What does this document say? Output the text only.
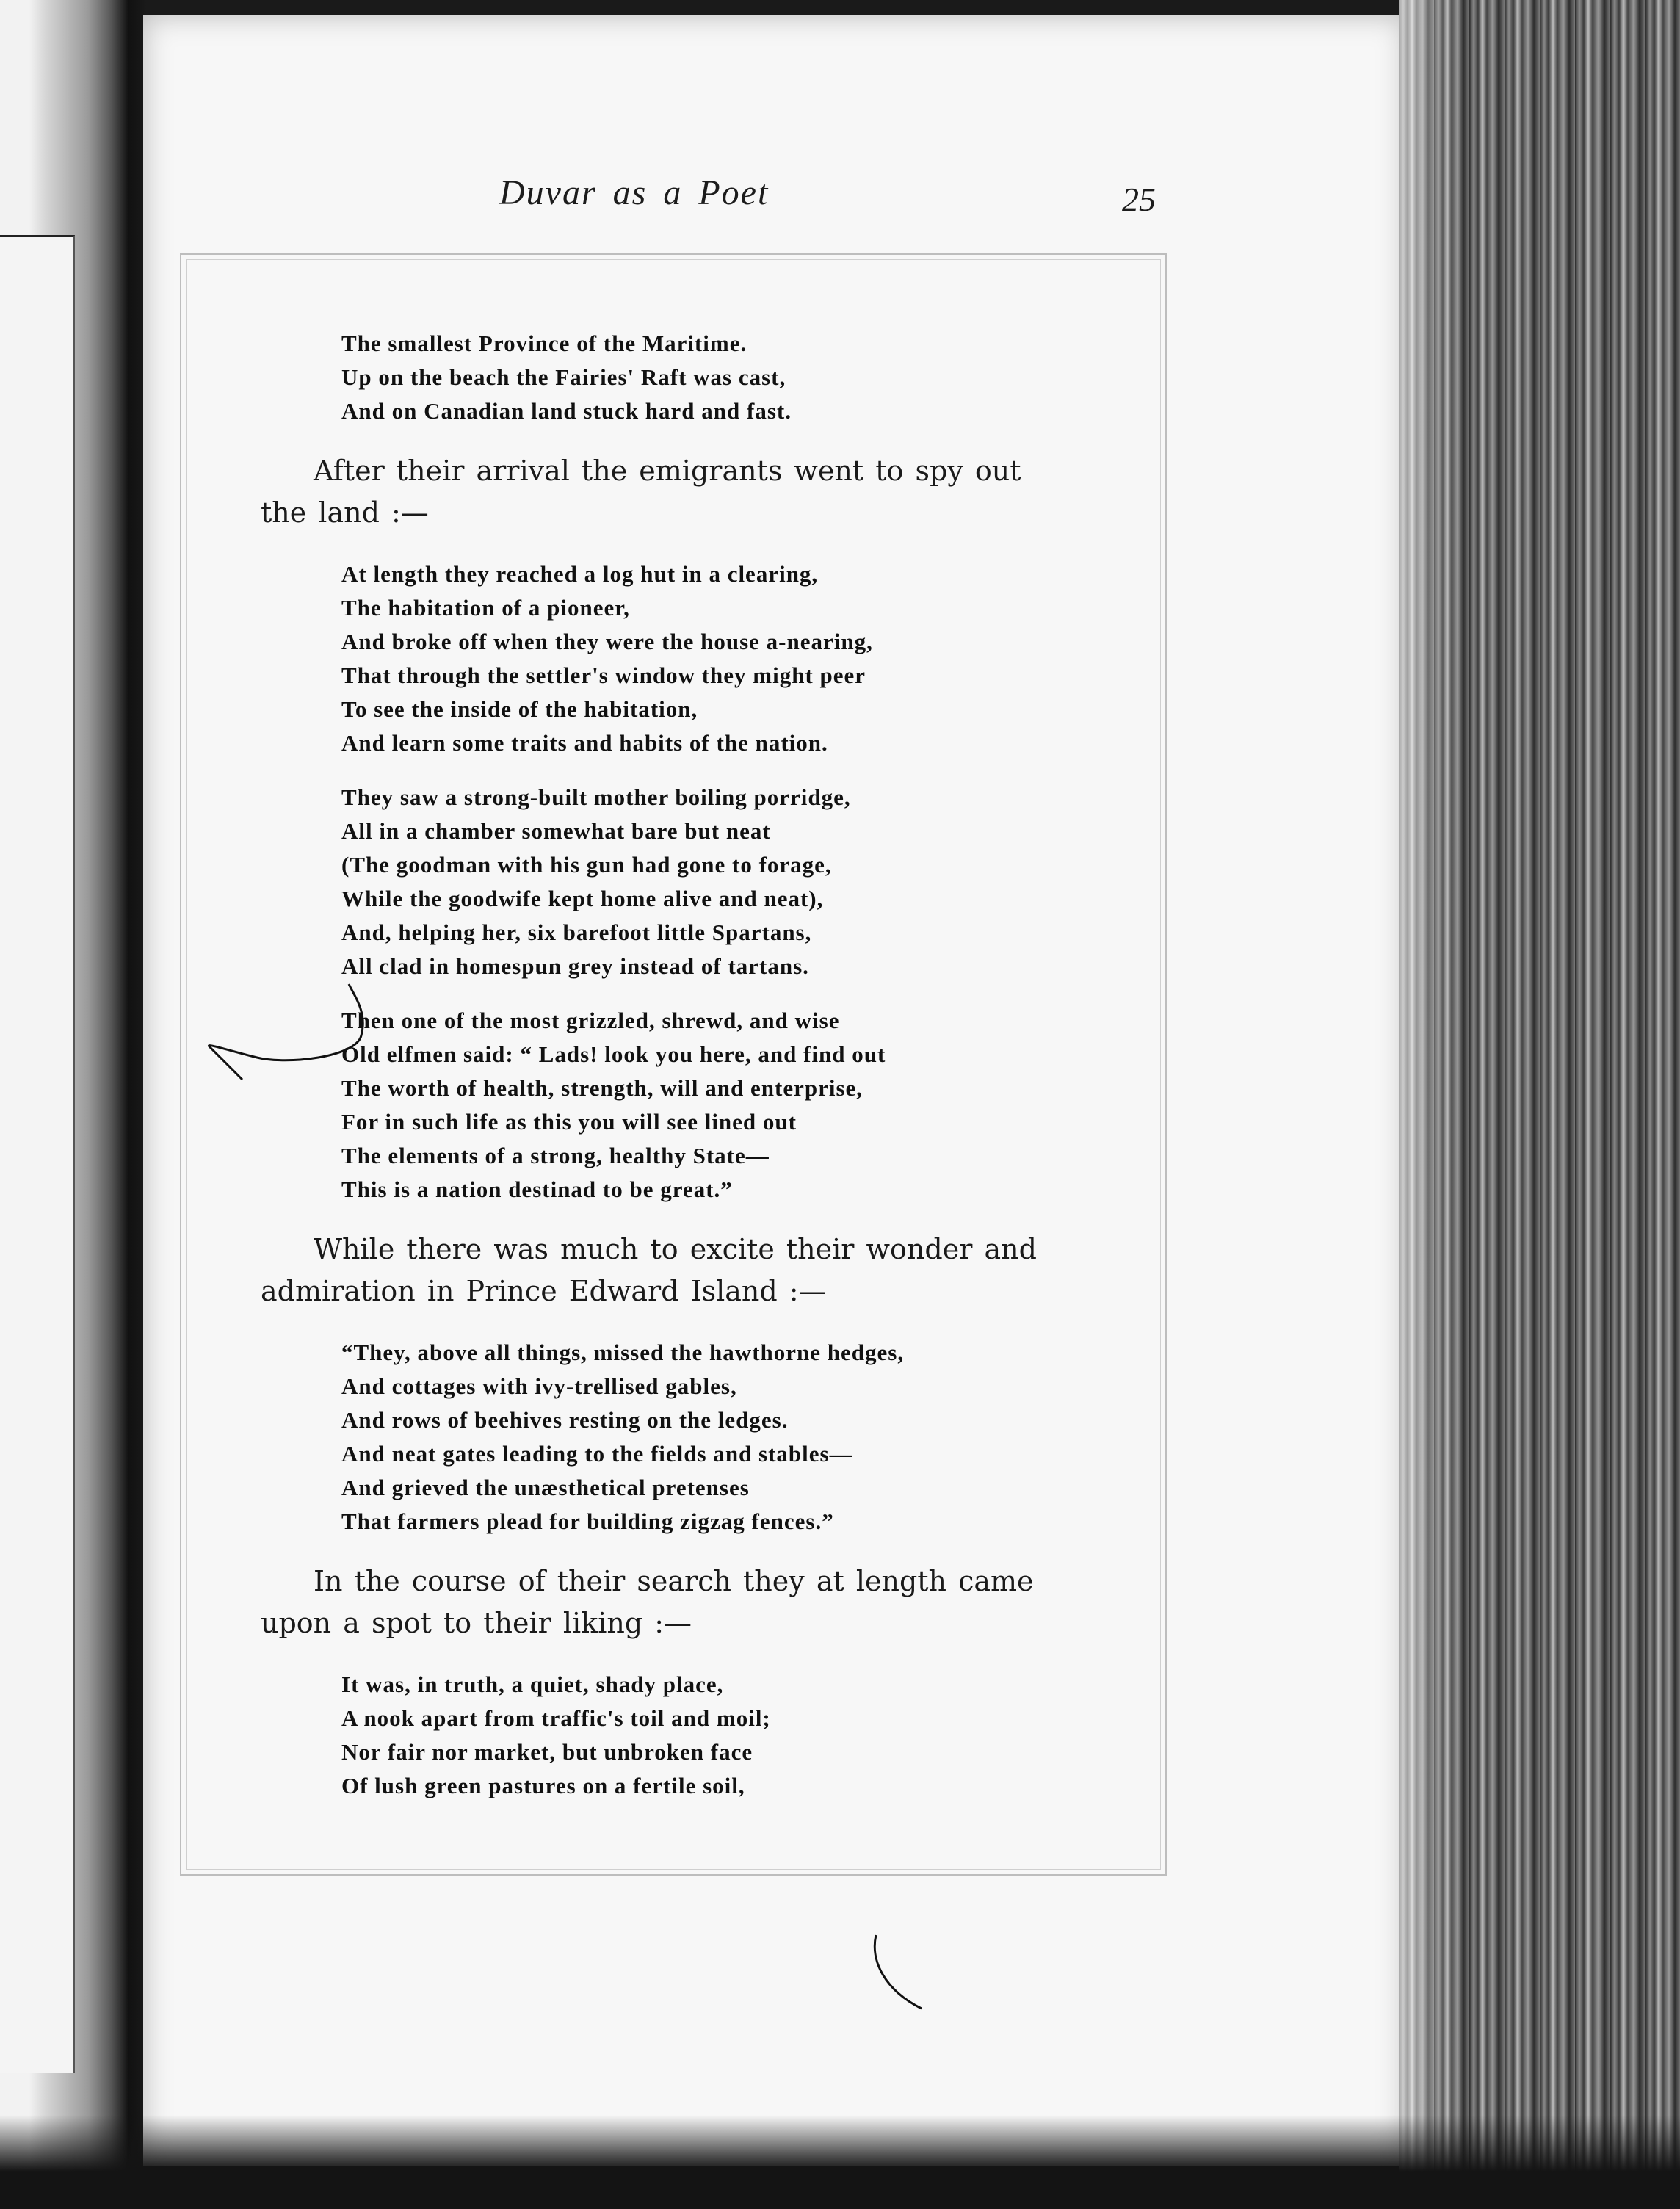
Duvar as a Poet	25
The smallest Province of the Maritime.
Up on the beach the Fairies' Raft was cast,
And on Canadian land stuck hard and fast.
After their arrival the emigrants went to spy out
the land :—
At length they reached a log hut in a clearing,
The habitation of a pioneer,
And broke off when they were the house a-nearing,
That through the settler's window they might peer
To see the inside of the habitation,
And learn some traits and habits of the nation.
They saw a strong-built mother boiling porridge,
All in a chamber somewhat bare but neat
(The goodman with his gun had gone to forage,
While the goodwife kept home alive and neat),
And, helping her, six barefoot little Spartans,
All clad in homespun grey instead of tartans.
Then one of the most grizzled, shrewd, and wise
Old elfmen said: “ Lads! look you here, and find out
The worth of health, strength, will and enterprise,
For in such life as this you will see lined out
The elements of a strong, healthy State—
This is a nation destinad to be great.”
While there was much to excite their wonder and
admiration in Prince Edward Island :—
“They, above all things, missed the hawthorne hedges,
And cottages with ivy-trellised gables,
And rows of beehives resting on the ledges.
And neat gates leading to the fields and stables—
And grieved the unæsthetical pretenses
That farmers plead for building zigzag fences.”
In the course of their search they at length came
upon a spot to their liking :—
It was, in truth, a quiet, shady place,
A nook apart from traffic's toil and moil;
Nor fair nor market, but unbroken face
Of lush green pastures on a fertile soil,
